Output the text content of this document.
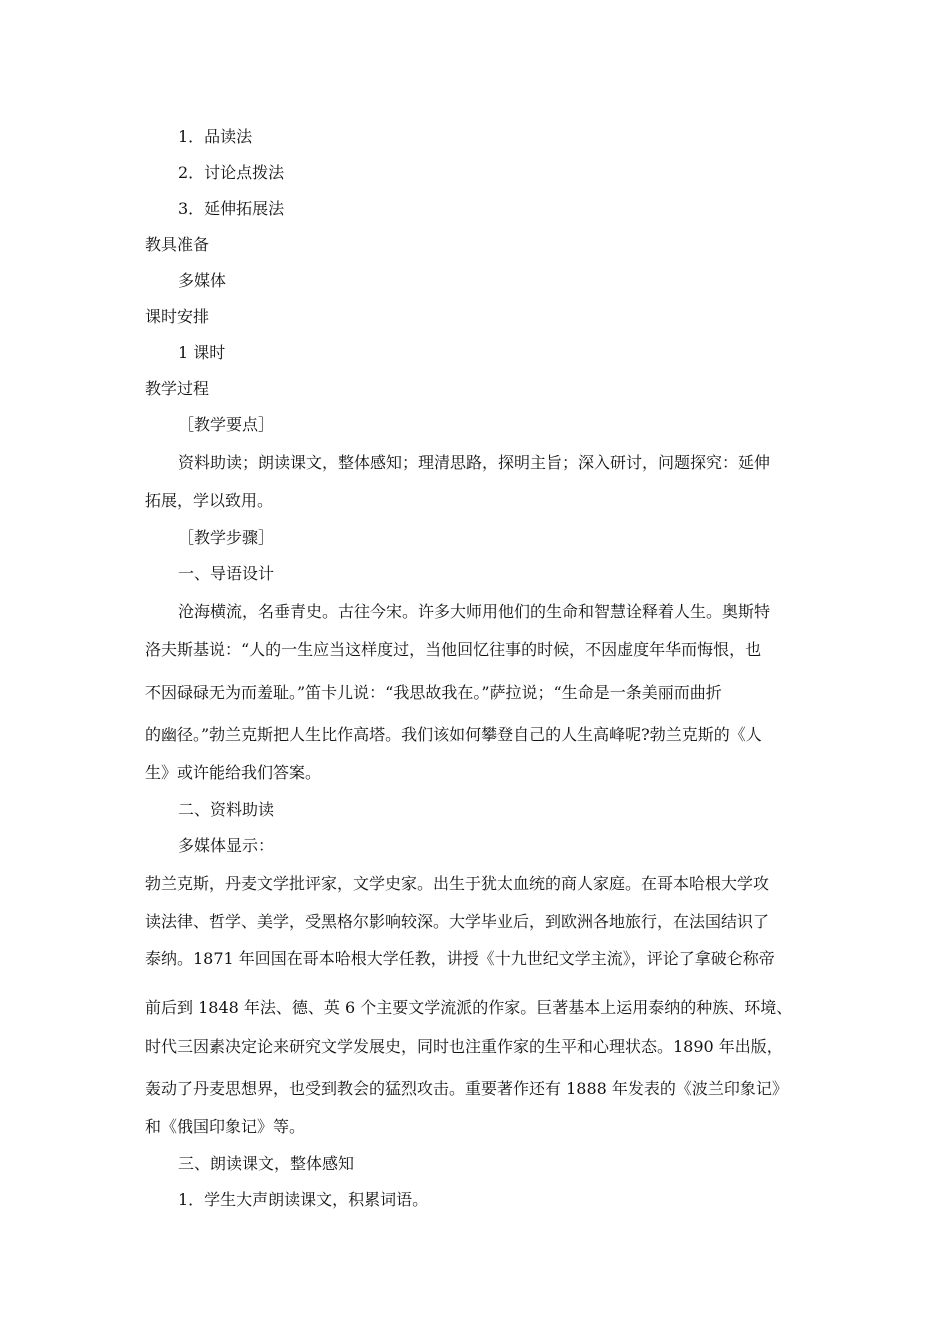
1．品读法
2．讨论点拨法
3．延伸拓展法
教具准备
多媒体
课时安排
1 课时
教学过程
［教学要点］
资料助读；朗读课文，整体感知；理清思路，探明主旨；深入研讨，问题探究：延伸
拓展，学以致用。
［教学步骤］
一、导语设计
沧海横流，名垂青史。古往今宋。许多大师用他们的生命和智慧诠释着人生。奥斯特
洛夫斯基说：“人的一生应当这样度过，当他回忆往事的时候，不因虚度年华而悔恨，也
不因碌碌无为而羞耻。”笛卡儿说：“我思故我在。”萨拉说；“生命是一条美丽而曲折
的幽径。”勃兰克斯把人生比作高塔。我们该如何攀登自己的人生高峰呢?勃兰克斯的《人
生》或许能给我们答案。
二、资料助读
多媒体显示：
勃兰克斯，丹麦文学批评家，文学史家。出生于犹太血统的商人家庭。在哥本哈根大学攻
读法律、哲学、美学，受黑格尔影响较深。大学毕业后，到欧洲各地旅行，在法国结识了
泰纳。1871 年回国在哥本哈根大学任教，讲授《十九世纪文学主流》，评论了拿破仑称帝
前后到 1848 年法、德、英 6 个主要文学流派的作家。巨著基本上运用泰纳的种族、环境、
时代三因素决定论来研究文学发展史，同时也注重作家的生平和心理状态。1890 年出版，
轰动了丹麦思想界，也受到教会的猛烈攻击。重要著作还有 1888 年发表的《波兰印象记》
和《俄国印象记》等。
三、朗读课文，整体感知
1．学生大声朗读课文，积累词语。
